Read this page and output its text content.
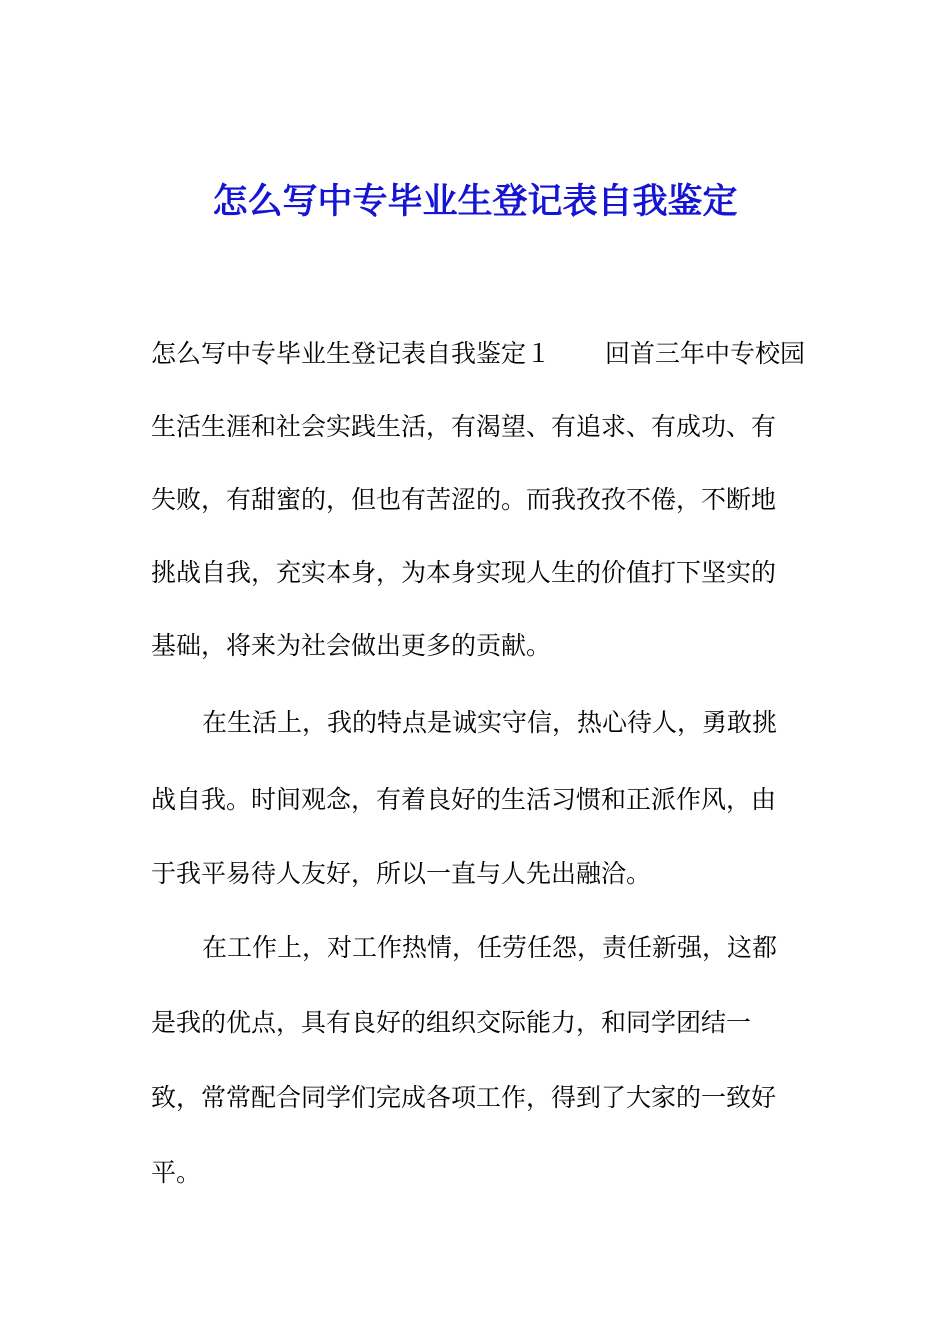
怎么写中专毕业生登记表自我鉴定
怎么写中专毕业生登记表自我鉴定１ 回首三年中专校园
生活生涯和社会实践生活，有渴望、有追求、有成功、有
失败，有甜蜜的，但也有苦涩的。而我孜孜不倦，不断地
挑战自我，充实本身，为本身实现人生的价值打下坚实的
基础，将来为社会做出更多的贡献。
在生活上，我的特点是诚实守信，热心待人，勇敢挑
战自我。时间观念，有着良好的生活习惯和正派作风，由
于我平易待人友好，所以一直与人先出融洽。
在工作上，对工作热情，任劳任怨，责任新强，这都
是我的优点，具有良好的组织交际能力，和同学团结一
致，常常配合同学们完成各项工作，得到了大家的一致好
平。
